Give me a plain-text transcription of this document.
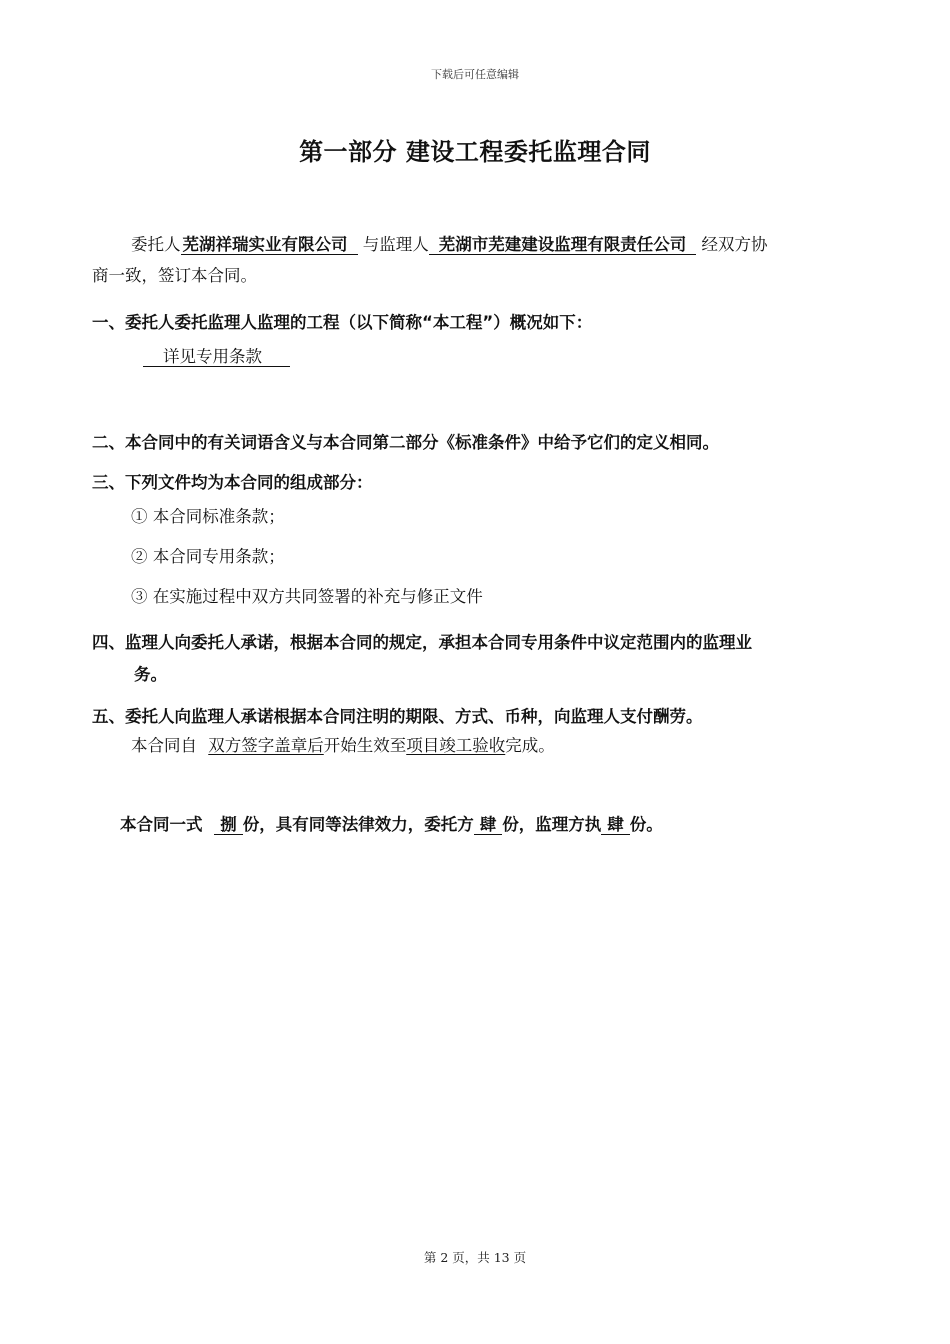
下载后可任意编辑
第一部分 建设工程委托监理合同
委托人 芜湖祥瑞实业有限公司 与监理人 芜湖市芜建建设监理有限责任公司 经双方协
商一致，签订本合同。
一、委托人委托监理人监理的工程（以下简称“本工程”）概况如下：
详见专用条款
二、本合同中的有关词语含义与本合同第二部分《标准条件》中给予它们的定义相同。
三、下列文件均为本合同的组成部分：
① 本合同标准条款；
② 本合同专用条款；
③ 在实施过程中双方共同签署的补充与修正文件
四、监理人向委托人承诺，根据本合同的规定，承担本合同专用条件中议定范围内的监理业
务。
五、委托人向监理人承诺根据本合同注明的期限、方式、币种，向监理人支付酬劳。
本合同自 双方签字盖章后开始生效至项目竣工验收完成。
本合同一式 捌 份，具有同等法律效力，委托方 肆 份，监理方执 肆 份。
第 2 页，共 13 页
